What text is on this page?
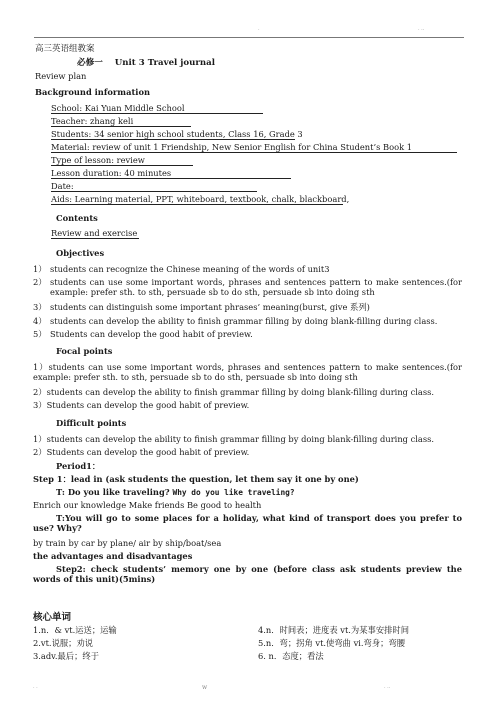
.	. ..
高三英语组教案
必修一 Unit 3 Travel journal
Review plan
Background information
School: Kai Yuan Middle School
Teacher: zhang keli
Students: 34 senior high school students, Class 16, Grade 3
Material: review of unit 1 Friendship, New Senior English for China Student’s Book 1
Type of lesson: review
Lesson duration: 40 minutes
Date:
Aids: Learning material, PPT, whiteboard, textbook, chalk, blackboard,
Contents
Review and exercise
Objectives
1） students can recognize the Chinese meaning of the words of unit3
2） students can use some important words, phrases and sentences pattern to make sentences.(for example: prefer sth. to sth, persuade sb to do sth, persuade sb into doing sth
3） students can distinguish some important phrases’ meaning(burst, give 系列)
4） students can develop the ability to finish grammar filling by doing blank-filling during class.
5） Students can develop the good habit of preview.
Focal points
1）students can use some important words, phrases and sentences pattern to make sentences.(for example: prefer sth. to sth, persuade sb to do sth, persuade sb into doing sth
2）students can develop the ability to finish grammar filling by doing blank-filling during class.
3）Students can develop the good habit of preview.
Difficult points
1）students can develop the ability to finish grammar filling by doing blank-filling during class.
2）Students can develop the good habit of preview.
Period1：
Step 1：lead in (ask students the question, let them say it one by one)
T: Do you like traveling? Why do you like traveling?
Enrich our knowledge Make friends Be good to health
T:You will go to some places for a holiday, what kind of transport does you prefer to use? Why?
by train by car by plane/ air by ship/boat/sea
the advantages and disadvantages
Step2: check students’ memory one by one (before class ask students preview the words of this unit)(5mins)
核心单词
1.n．& vt.运送；运输
2.vt.说服；劝说
3.adv.最后；终于
4.n．时间表；进度表 vt.为某事安排时间
5.n．弯；拐角 vt.使弯曲 vi.弯身；弯腰
6. n．态度；看法
. .	w	. ..
